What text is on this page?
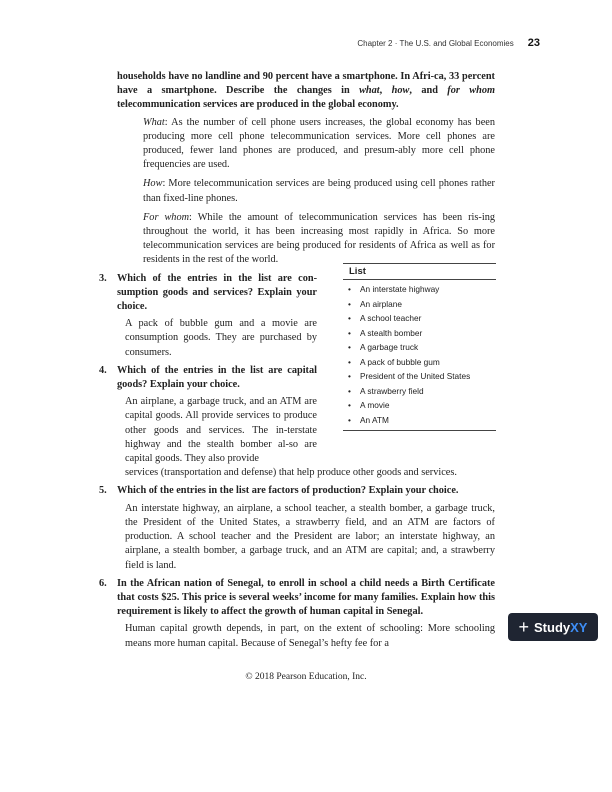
Chapter 2 · The U.S. and Global Economies 23

households have no landline and 90 percent have a smartphone. In Afri-ca, 33 percent have a smartphone. Describe the changes in what, how, and for whom telecommunication services are produced in the global economy.

What: As the number of cell phone users increases, the global economy has been producing more cell phone telecommunication services. More cell phones are produced, fewer land phones are produced, and presum-ably more cell phone frequencies are used.

How: More telecommunication services are being produced using cell phones rather than fixed-line phones.

For whom: While the amount of telecommunication services has been ris-ing throughout the world, it has been increasing most rapidly in Africa. So more telecommunication services are being produced for residents of Africa as well as for residents in the rest of the world.

3. Which of the entries in the list are con-sumption goods and services? Explain your choice.

A pack of bubble gum and a movie are consumption goods. They are purchased by consumers.

4. Which of the entries in the list are capital goods? Explain your choice.

An airplane, a garbage truck, and an ATM are capital goods. All provide services to produce other goods and services. The in-terstate highway and the stealth bomber al-so are capital goods. They also provide

services (transportation and defense) that help produce other goods and services.

5. Which of the entries in the list are factors of production? Explain your choice.

An interstate highway, an airplane, a school teacher, a stealth bomber, a garbage truck, the President of the United States, a strawberry field, and an ATM are factors of production. A school teacher and the President are labor; an interstate highway, an airplane, a stealth bomber, a garbage truck, and an ATM are capital; and, a strawberry field is land.

6. In the African nation of Senegal, to enroll in school a child needs a Birth Certificate that costs $25. This price is several weeks’ income for many families. Explain how this requirement is likely to affect the growth of human capital in Senegal.

Human capital growth depends, in part, on the extent of schooling: More schooling means more human capital. Because of Senegal’s hefty fee for a

List
• An interstate highway
• An airplane
• A school teacher
• A stealth bomber
• A garbage truck
• A pack of bubble gum
• President of the United States
• A strawberry field
• A movie
• An ATM
© 2018 Pearson Education, Inc.
+ Study XY
